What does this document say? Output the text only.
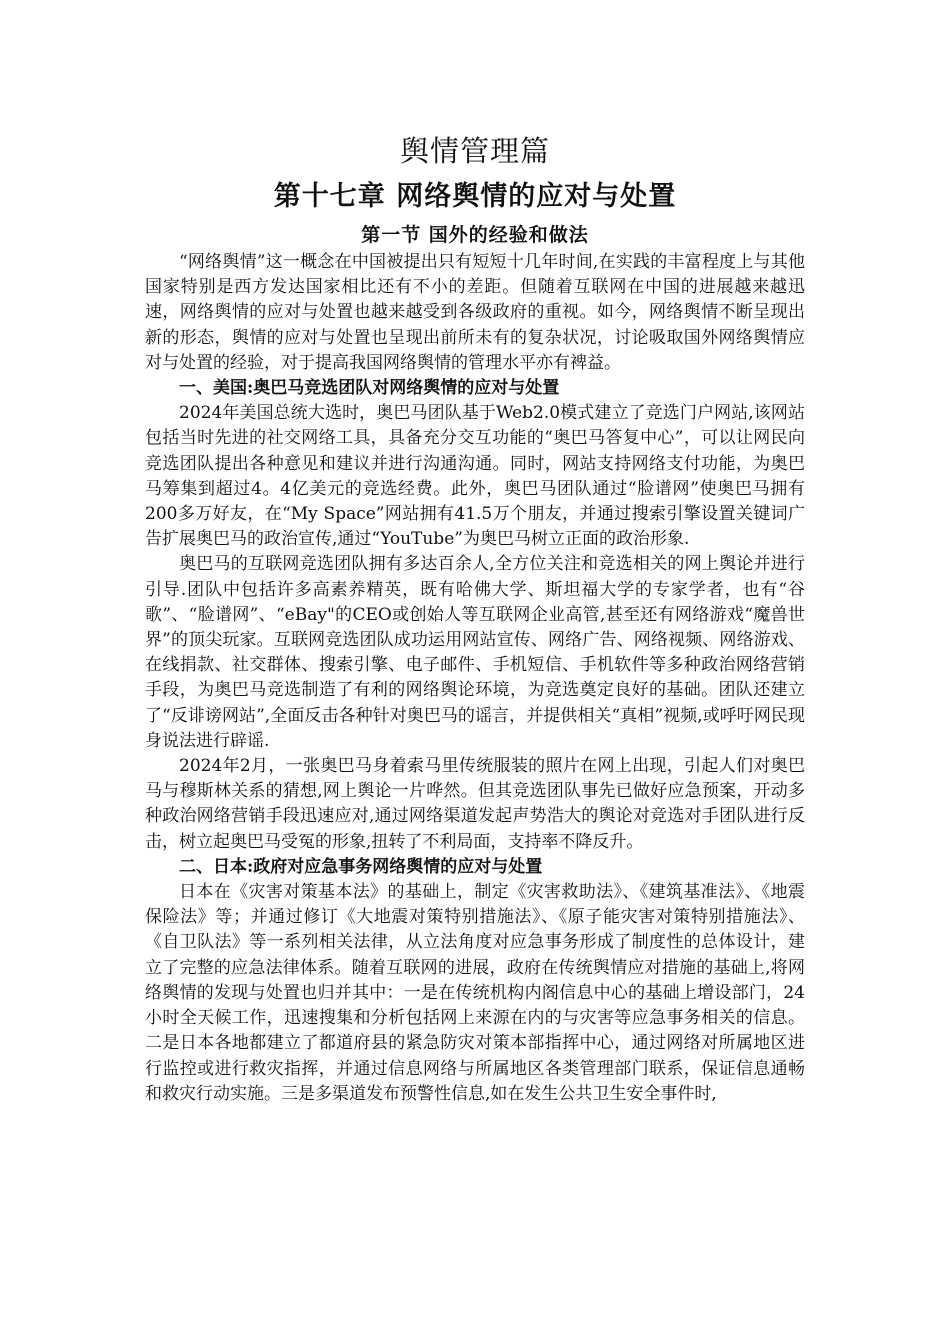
舆情管理篇
第十七章 网络舆情的应对与处置
第一节 国外的经验和做法

“网络舆情”这一概念在中国被提出只有短短十几年时间,在实践的丰富程度上与其他国家特别是西方发达国家相比还有不小的差距。但随着互联网在中国的进展越来越迅速，网络舆情的应对与处置也越来越受到各级政府的重视。如今，网络舆情不断呈现出新的形态，舆情的应对与处置也呈现出前所未有的复杂状况，讨论吸取国外网络舆情应对与处置的经验，对于提高我国网络舆情的管理水平亦有裨益。

一、美国:奥巴马竞选团队对网络舆情的应对与处置

2024年美国总统大选时，奥巴马团队基于Web2.0模式建立了竞选门户网站,该网站包括当时先进的社交网络工具，具备充分交互功能的“奥巴马答复中心”，可以让网民向竞选团队提出各种意见和建议并进行沟通沟通。同时，网站支持网络支付功能，为奥巴马筹集到超过4。4亿美元的竞选经费。此外，奥巴马团队通过“脸谱网”使奥巴马拥有200多万好友，在“My Space”网站拥有41.5万个朋友，并通过搜索引擎设置关键词广告扩展奥巴马的政治宣传,通过“YouTube”为奥巴马树立正面的政治形象.

奥巴马的互联网竞选团队拥有多达百余人,全方位关注和竞选相关的网上舆论并进行引导.团队中包括许多高素养精英，既有哈佛大学、斯坦福大学的专家学者，也有“谷歌”、“脸谱网”、“eBay"的CEO或创始人等互联网企业高管,甚至还有网络游戏“魔兽世界”的顶尖玩家。互联网竞选团队成功运用网站宣传、网络广告、网络视频、网络游戏、在线捐款、社交群体、搜索引擎、电子邮件、手机短信、手机软件等多种政治网络营销手段，为奥巴马竞选制造了有利的网络舆论环境，为竞选奠定良好的基础。团队还建立了“反诽谤网站”,全面反击各种针对奥巴马的谣言，并提供相关“真相”视频,或呼吁网民现身说法进行辟谣.

2024年2月，一张奥巴马身着索马里传统服装的照片在网上出现，引起人们对奥巴马与穆斯林关系的猜想,网上舆论一片哗然。但其竞选团队事先已做好应急预案，开动多种政治网络营销手段迅速应对,通过网络渠道发起声势浩大的舆论对竞选对手团队进行反击，树立起奥巴马受冤的形象,扭转了不利局面，支持率不降反升。

二、日本:政府对应急事务网络舆情的应对与处置

日本在《灾害对策基本法》的基础上，制定《灾害救助法》、《建筑基准法》、《地震保险法》等；并通过修订《大地震对策特别措施法》、《原子能灾害对策特别措施法》、《自卫队法》等一系列相关法律，从立法角度对应急事务形成了制度性的总体设计，建立了完整的应急法律体系。随着互联网的进展，政府在传统舆情应对措施的基础上,将网络舆情的发现与处置也归并其中：一是在传统机构内阁信息中心的基础上增设部门，24小时全天候工作，迅速搜集和分析包括网上来源在内的与灾害等应急事务相关的信息。二是日本各地都建立了都道府县的紧急防灾对策本部指挥中心，通过网络对所属地区进行监控或进行救灾指挥，并通过信息网络与所属地区各类管理部门联系，保证信息通畅和救灾行动实施。三是多渠道发布预警性信息,如在发生公共卫生安全事件时,
